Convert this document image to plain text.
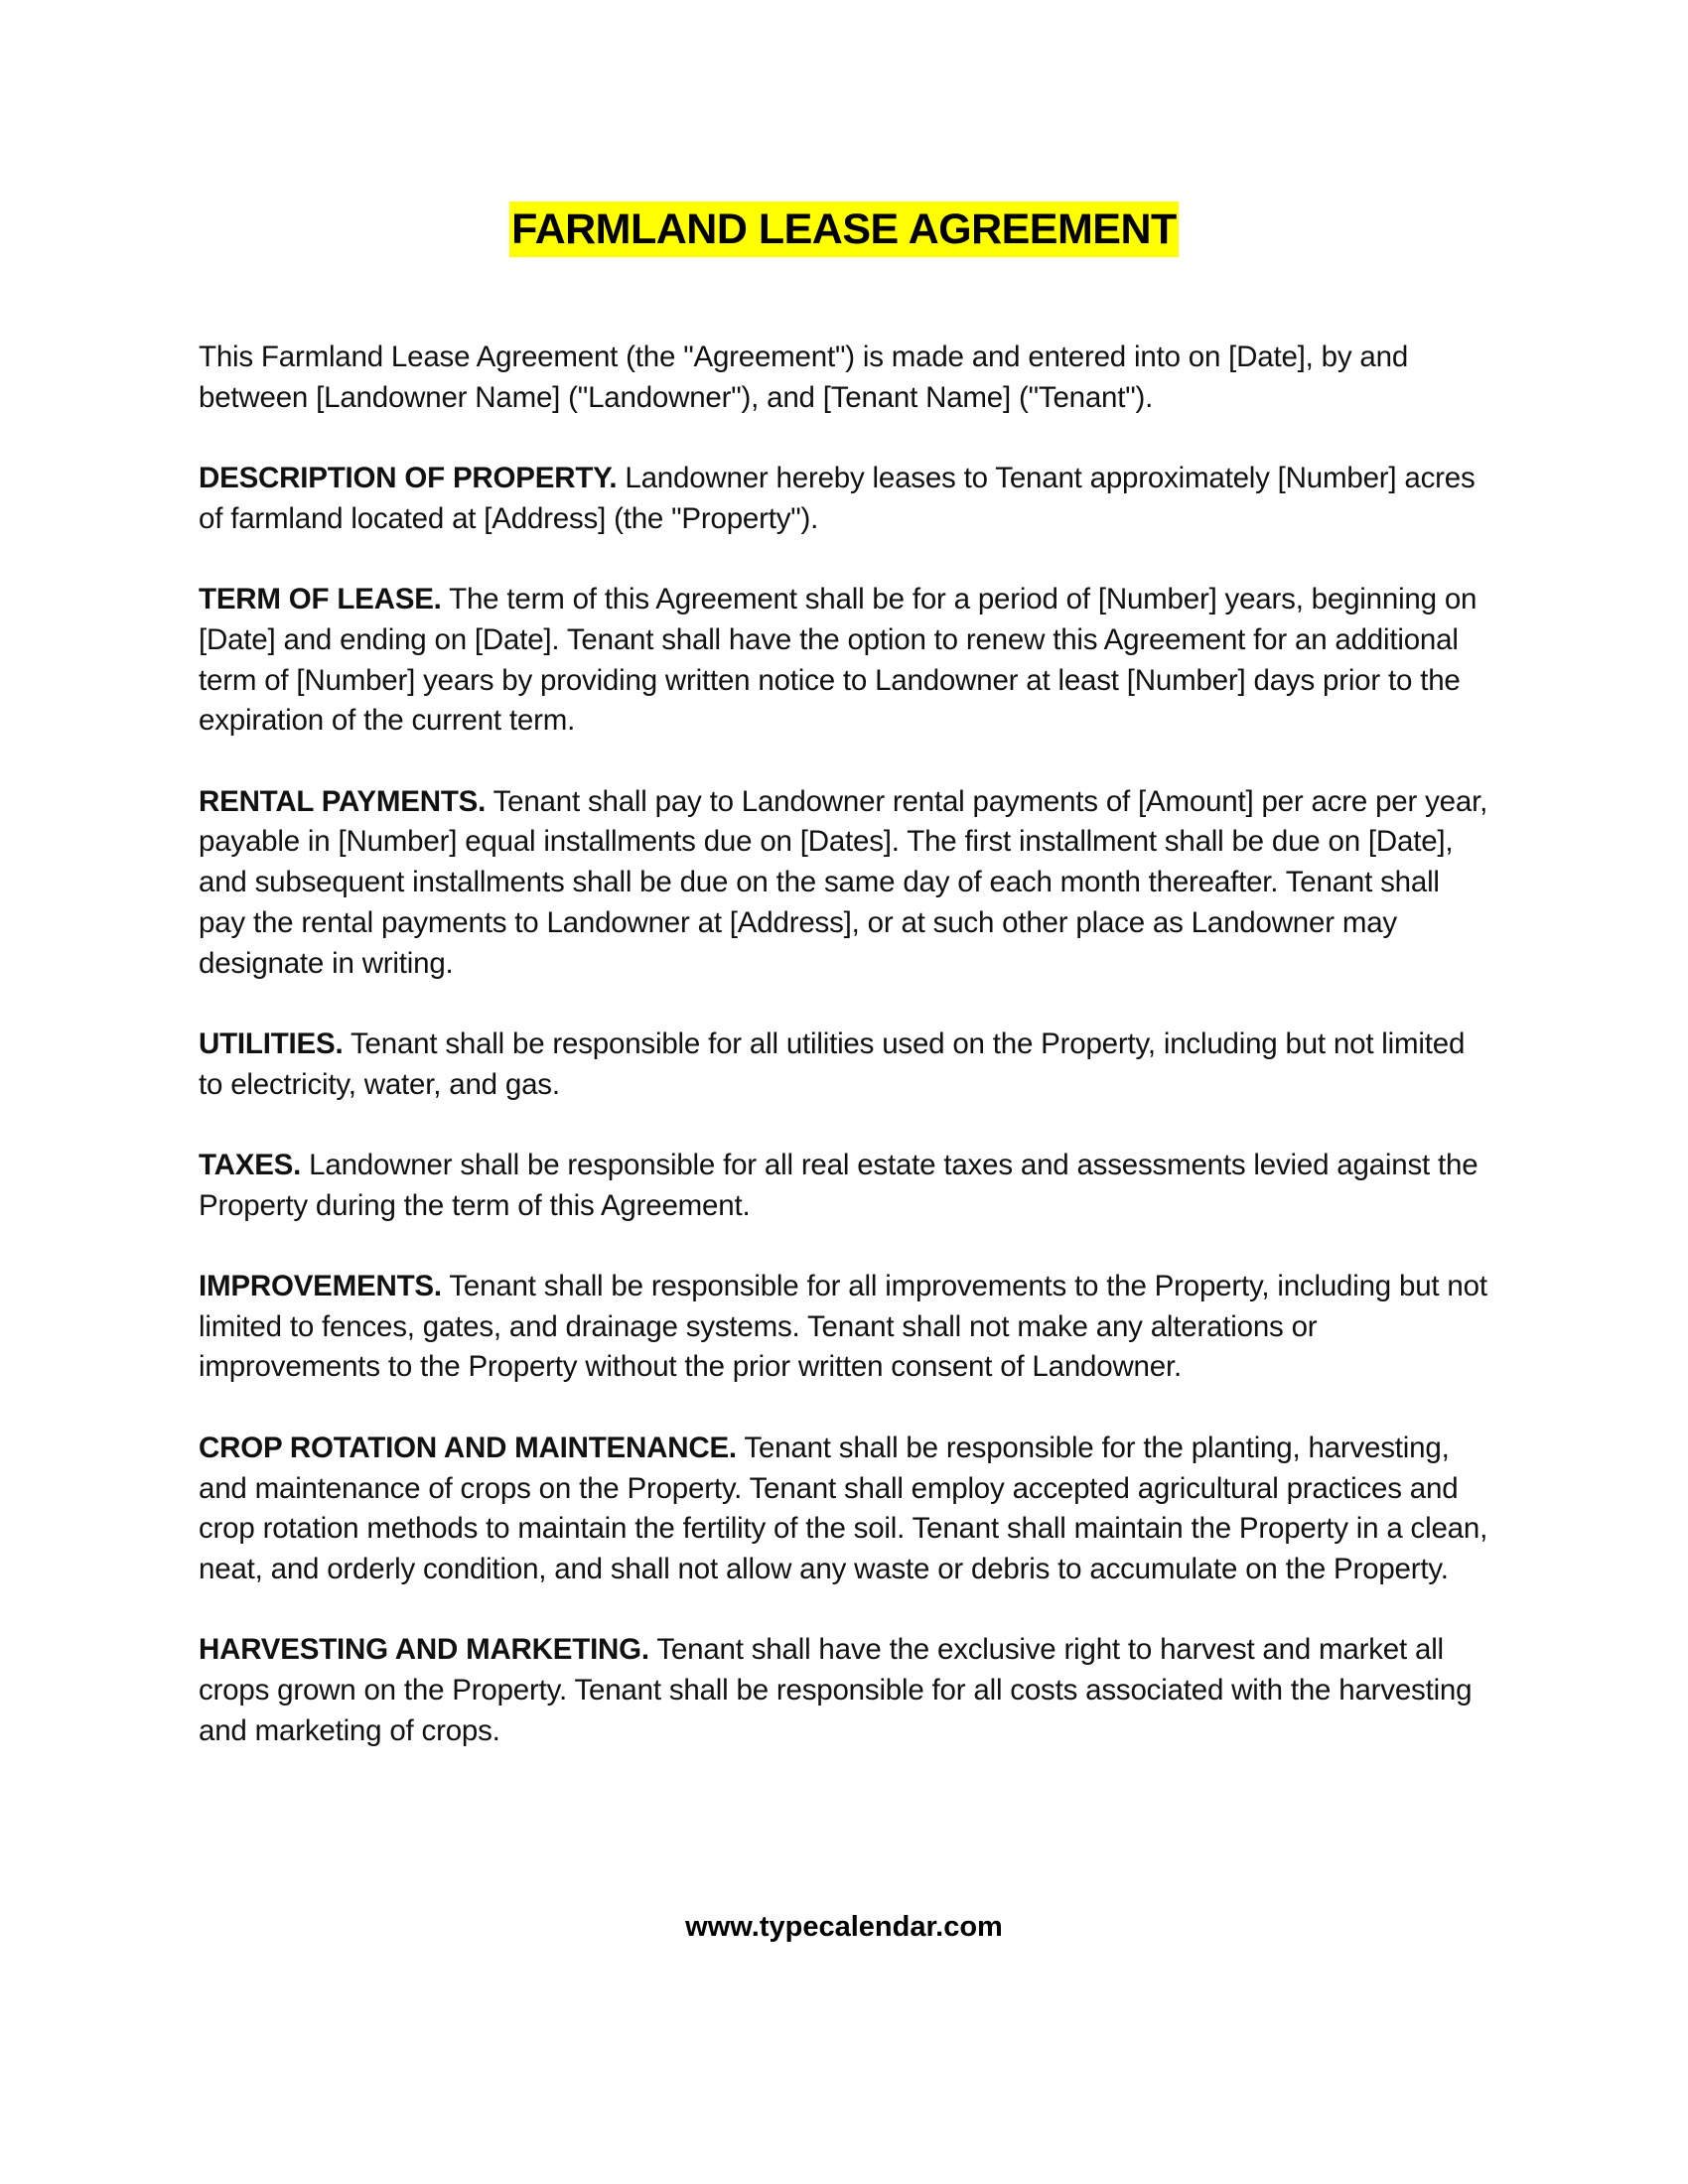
FARMLAND LEASE AGREEMENT

This Farmland Lease Agreement (the "Agreement") is made and entered into on [Date], by and between [Landowner Name] ("Landowner"), and [Tenant Name] ("Tenant").

DESCRIPTION OF PROPERTY. Landowner hereby leases to Tenant approximately [Number] acres of farmland located at [Address] (the "Property").

TERM OF LEASE. The term of this Agreement shall be for a period of [Number] years, beginning on [Date] and ending on [Date]. Tenant shall have the option to renew this Agreement for an additional term of [Number] years by providing written notice to Landowner at least [Number] days prior to the expiration of the current term.

RENTAL PAYMENTS. Tenant shall pay to Landowner rental payments of [Amount] per acre per year, payable in [Number] equal installments due on [Dates]. The first installment shall be due on [Date], and subsequent installments shall be due on the same day of each month thereafter. Tenant shall pay the rental payments to Landowner at [Address], or at such other place as Landowner may designate in writing.

UTILITIES. Tenant shall be responsible for all utilities used on the Property, including but not limited to electricity, water, and gas.

TAXES. Landowner shall be responsible for all real estate taxes and assessments levied against the Property during the term of this Agreement.

IMPROVEMENTS. Tenant shall be responsible for all improvements to the Property, including but not limited to fences, gates, and drainage systems. Tenant shall not make any alterations or improvements to the Property without the prior written consent of Landowner.

CROP ROTATION AND MAINTENANCE. Tenant shall be responsible for the planting, harvesting, and maintenance of crops on the Property. Tenant shall employ accepted agricultural practices and crop rotation methods to maintain the fertility of the soil. Tenant shall maintain the Property in a clean, neat, and orderly condition, and shall not allow any waste or debris to accumulate on the Property.

HARVESTING AND MARKETING. Tenant shall have the exclusive right to harvest and market all crops grown on the Property. Tenant shall be responsible for all costs associated with the harvesting and marketing of crops.

www.typecalendar.com
